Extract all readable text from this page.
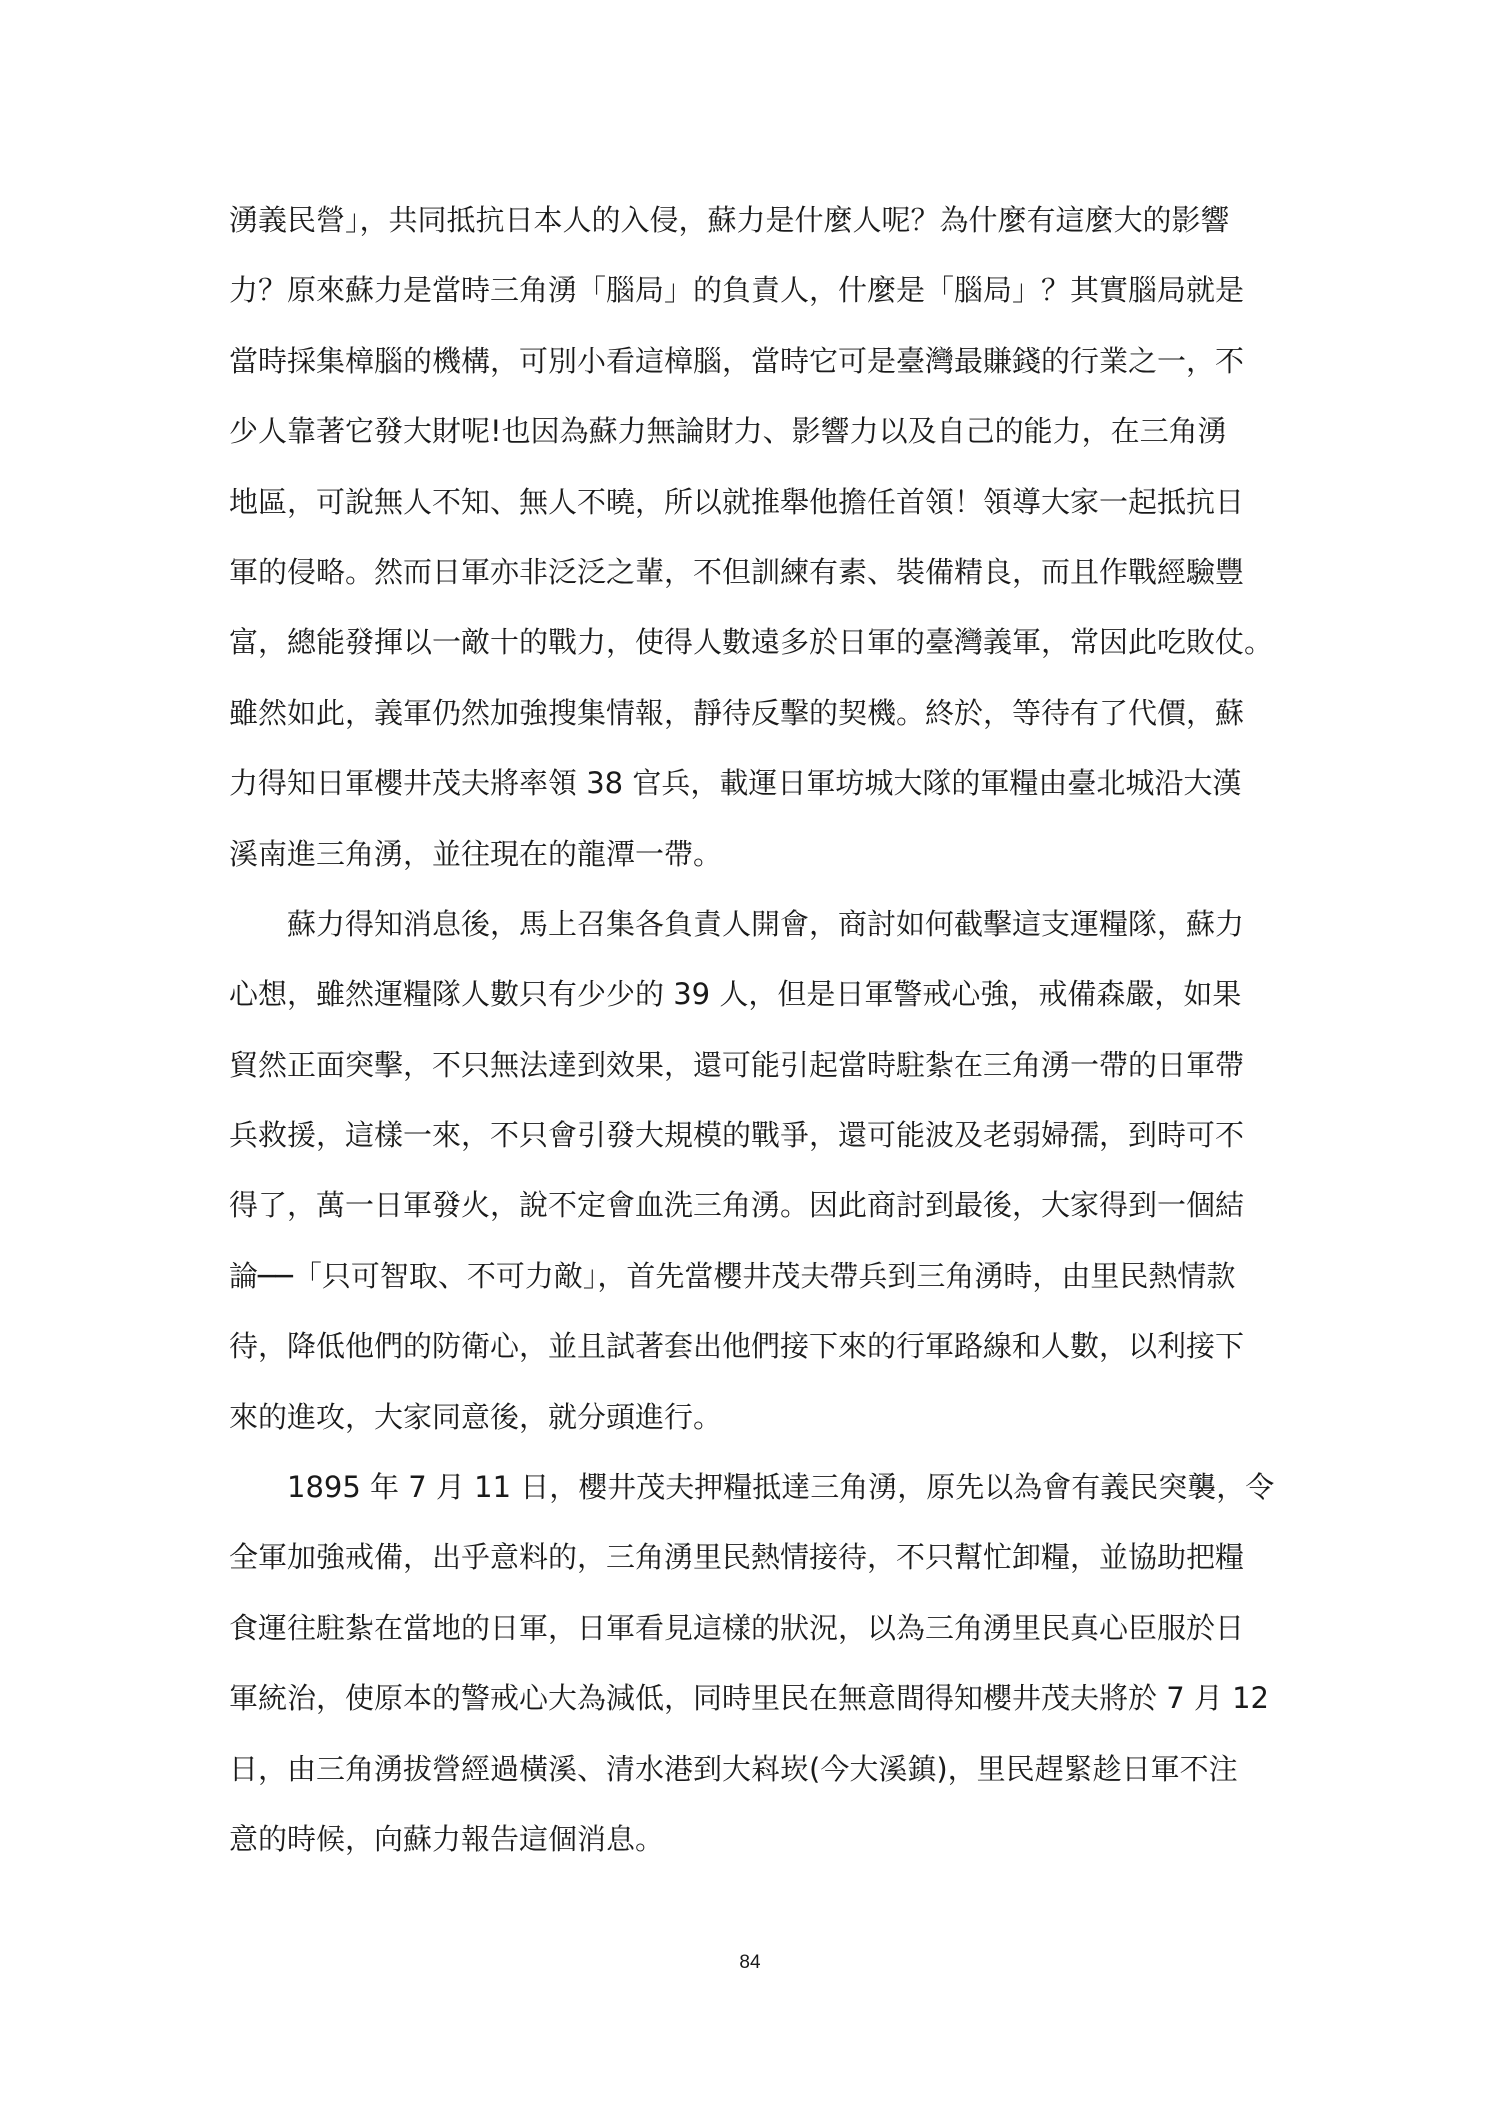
湧義民營」，共同抵抗日本人的入侵，蘇力是什麼人呢？為什麼有這麼大的影響
力？原來蘇力是當時三角湧「腦局」的負責人，什麼是「腦局」？其實腦局就是
當時採集樟腦的機構，可別小看這樟腦，當時它可是臺灣最賺錢的行業之一，不
少人靠著它發大財呢!也因為蘇力無論財力、影響力以及自己的能力，在三角湧
地區，可說無人不知、無人不曉，所以就推舉他擔任首領！領導大家一起抵抗日
軍的侵略。然而日軍亦非泛泛之輩，不但訓練有素、裝備精良，而且作戰經驗豐
富，總能發揮以一敵十的戰力，使得人數遠多於日軍的臺灣義軍，常因此吃敗仗。
雖然如此，義軍仍然加強搜集情報，靜待反擊的契機。終於，等待有了代價，蘇
力得知日軍櫻井茂夫將率領 38 官兵，載運日軍坊城大隊的軍糧由臺北城沿大漢
溪南進三角湧，並往現在的龍潭一帶。
蘇力得知消息後，馬上召集各負責人開會，商討如何截擊這支運糧隊，蘇力
心想，雖然運糧隊人數只有少少的 39 人，但是日軍警戒心強，戒備森嚴，如果
貿然正面突擊，不只無法達到效果，還可能引起當時駐紮在三角湧一帶的日軍帶
兵救援，這樣一來，不只會引發大規模的戰爭，還可能波及老弱婦孺，到時可不
得了，萬一日軍發火，說不定會血洗三角湧。因此商討到最後，大家得到一個結
論──「只可智取、不可力敵」，首先當櫻井茂夫帶兵到三角湧時，由里民熱情款
待，降低他們的防衛心，並且試著套出他們接下來的行軍路線和人數，以利接下
來的進攻，大家同意後，就分頭進行。
1895 年 7 月 11 日，櫻井茂夫押糧抵達三角湧，原先以為會有義民突襲，令
全軍加強戒備，出乎意料的，三角湧里民熱情接待，不只幫忙卸糧，並協助把糧
食運往駐紮在當地的日軍，日軍看見這樣的狀況，以為三角湧里民真心臣服於日
軍統治，使原本的警戒心大為減低，同時里民在無意間得知櫻井茂夫將於 7 月 12
日，由三角湧拔營經過橫溪、清水港到大嵙崁(今大溪鎮)，里民趕緊趁日軍不注
意的時候，向蘇力報告這個消息。
84
